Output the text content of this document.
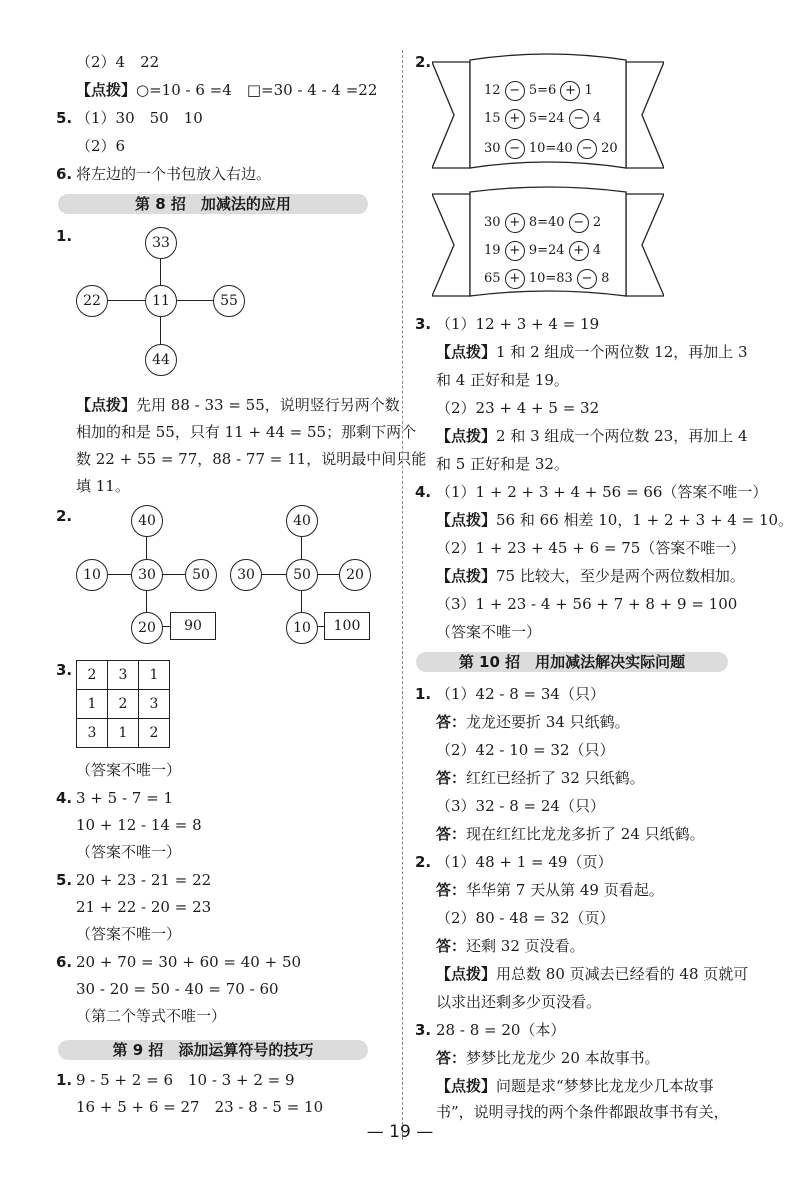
（2）4　22
【点拨】○=10 - 6 =4　 □=30 - 4 - 4 =22
5. （1）30　50　10
（2）6
6. 将左边的一个书包放入右边。
第 8 招　加减法的应用
1.	33
22	11	55
44
【点拨】先用 88 - 33 = 55，说明竖行另两个数
相加的和是 55，只有 11 + 44 = 55；那剩下两个
数 22 + 55 = 77，88 - 77 = 11，说明最中间只能
填 11。
2.	40
10	30	50
20	90
40
30	50	20
10	100
3. 2	3	1
1	2	3
3	1	2
（答案不唯一）
4. 3 + 5 - 7 = 1
10 + 12 - 14 = 8
（答案不唯一）
5. 20 + 23 - 21 = 22
21 + 22 - 20 = 23
（答案不唯一）
6. 20 + 70 = 30 + 60 = 40 + 50
30 - 20 = 50 - 40 = 70 - 60
（第二个等式不唯一）
第 9 招　添加运算符号的技巧
1. 9 - 5 + 2 = 6　10 - 3 + 2 = 9
16 + 5 + 6 = 27　23 - 8 - 5 = 10
2.
12 − 5=6 + 1
15 + 5=24 − 4
30 − 10=40 − 20
30 + 8=40 − 2
19 + 9=24 + 4
65 + 10=83 − 8
3. （1）12 + 3 + 4 = 19
【点拨】1 和 2 组成一个两位数 12，再加上 3
和 4 正好和是 19。
（2）23 + 4 + 5 = 32
【点拨】2 和 3 组成一个两位数 23，再加上 4
和 5 正好和是 32。
4. （1）1 + 2 + 3 + 4 + 56 = 66（答案不唯一）
【点拨】56 和 66 相差 10，1 + 2 + 3 + 4 = 10。
（2）1 + 23 + 45 + 6 = 75（答案不唯一）
【点拨】75 比较大，至少是两个两位数相加。
（3）1 + 23 - 4 + 56 + 7 + 8 + 9 = 100
（答案不唯一）
第 10 招　用加减法解决实际问题
1. （1）42 - 8 = 34（只）
答：龙龙还要折 34 只纸鹤。
（2）42 - 10 = 32（只）
答：红红已经折了 32 只纸鹤。
（3）32 - 8 = 24（只）
答：现在红红比龙龙多折了 24 只纸鹤。
2. （1）48 + 1 = 49（页）
答：华华第 7 天从第 49 页看起。
（2）80 - 48 = 32（页）
答：还剩 32 页没看。
【点拨】用总数 80 页减去已经看的 48 页就可
以求出还剩多少页没看。
3. 28 - 8 = 20（本）
答：梦梦比龙龙少 20 本故事书。
【点拨】问题是求“梦梦比龙龙少几本故事
书”，说明寻找的两个条件都跟故事书有关，
— 19 —
